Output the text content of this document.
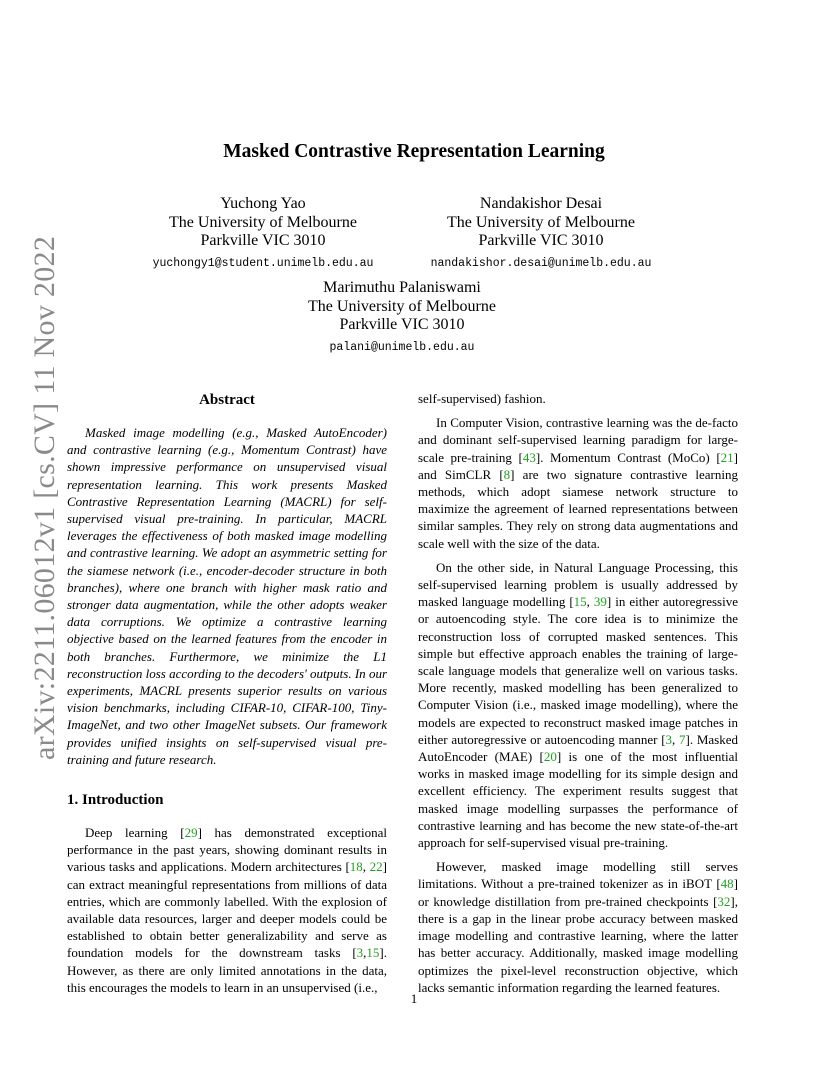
arXiv:2211.06012v1 [cs.CV] 11 Nov 2022
Masked Contrastive Representation Learning
Yuchong Yao
The University of Melbourne
Parkville VIC 3010
yuchongy1@student.unimelb.edu.au
Nandakishor Desai
The University of Melbourne
Parkville VIC 3010
nandakishor.desai@unimelb.edu.au
Marimuthu Palaniswami
The University of Melbourne
Parkville VIC 3010
palani@unimelb.edu.au
Abstract

Masked image modelling (e.g., Masked AutoEncoder) and contrastive learning (e.g., Momentum Contrast) have shown impressive performance on unsupervised visual representation learning. This work presents Masked Contrastive Representation Learning (MACRL) for self-supervised visual pre-training. In particular, MACRL leverages the effectiveness of both masked image modelling and contrastive learning. We adopt an asymmetric setting for the siamese network (i.e., encoder-decoder structure in both branches), where one branch with higher mask ratio and stronger data augmentation, while the other adopts weaker data corruptions. We optimize a contrastive learning objective based on the learned features from the encoder in both branches. Furthermore, we minimize the L1 reconstruction loss according to the decoders' outputs. In our experiments, MACRL presents superior results on various vision benchmarks, including CIFAR-10, CIFAR-100, Tiny-ImageNet, and two other ImageNet subsets. Our framework provides unified insights on self-supervised visual pre-training and future research.

1. Introduction

Deep learning [29] has demonstrated exceptional performance in the past years, showing dominant results in various tasks and applications. Modern architectures [18, 22] can extract meaningful representations from millions of data entries, which are commonly labelled. With the explosion of available data resources, larger and deeper models could be established to obtain better generalizability and serve as foundation models for the downstream tasks [3,15]. However, as there are only limited annotations in the data, this encourages the models to learn in an unsupervised (i.e.,

self-supervised) fashion.

In Computer Vision, contrastive learning was the de-facto and dominant self-supervised learning paradigm for large-scale pre-training [43]. Momentum Contrast (MoCo) [21] and SimCLR [8] are two signature contrastive learning methods, which adopt siamese network structure to maximize the agreement of learned representations between similar samples. They rely on strong data augmentations and scale well with the size of the data.

On the other side, in Natural Language Processing, this self-supervised learning problem is usually addressed by masked language modelling [15, 39] in either autoregressive or autoencoding style. The core idea is to minimize the reconstruction loss of corrupted masked sentences. This simple but effective approach enables the training of large-scale language models that generalize well on various tasks. More recently, masked modelling has been generalized to Computer Vision (i.e., masked image modelling), where the models are expected to reconstruct masked image patches in either autoregressive or autoencoding manner [3, 7]. Masked AutoEncoder (MAE) [20] is one of the most influential works in masked image modelling for its simple design and excellent efficiency. The experiment results suggest that masked image modelling surpasses the performance of contrastive learning and has become the new state-of-the-art approach for self-supervised visual pre-training.

However, masked image modelling still serves limitations. Without a pre-trained tokenizer as in iBOT [48] or knowledge distillation from pre-trained checkpoints [32], there is a gap in the linear probe accuracy between masked image modelling and contrastive learning, where the latter has better accuracy. Additionally, masked image modelling optimizes the pixel-level reconstruction objective, which lacks semantic information regarding the learned features.

1
